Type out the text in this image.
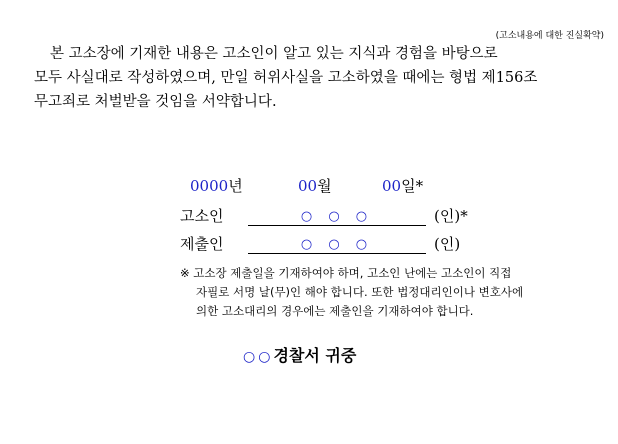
(고소내용에 대한 진실확약)
본 고소장에 기재한 내용은 고소인이 알고 있는 지식과 경험을 바탕으로
모두 사실대로 작성하였으며, 만일 허위사실을 고소하였을 때에는 형법 제156조
무고죄로 처벌받을 것임을 서약합니다.
0000년	00월	00일*
고소인	○ ○ ○	(인)*
제출인	○ ○ ○	(인)
※ 고소장 제출일을 기재하여야 하며, 고소인 난에는 고소인이 직접
자필로 서명 날(무)인 해야 합니다. 또한 법정대리인이나 변호사에
의한 고소대리의 경우에는 제출인을 기재하여야 합니다.
○○경찰서 귀중
